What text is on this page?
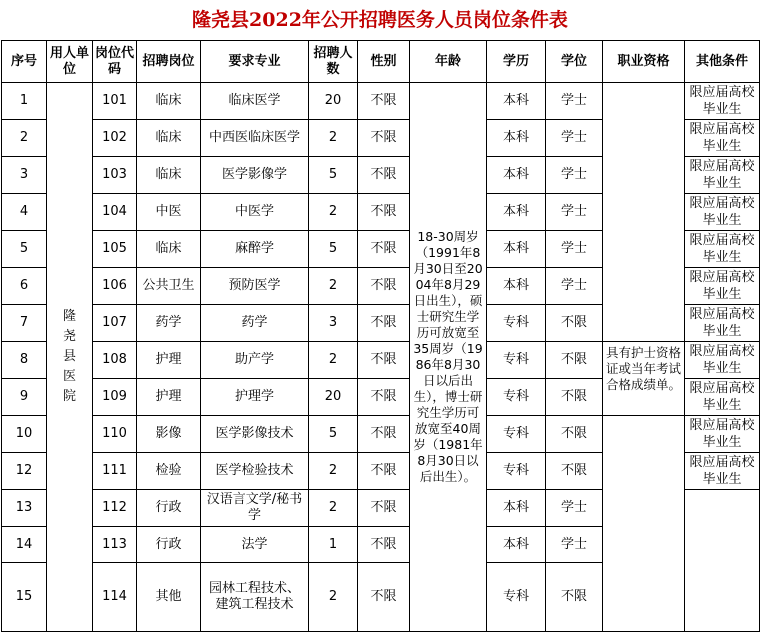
隆尧县2022年公开招聘医务人员岗位条件表
序号	用人单位	岗位代码	招聘岗位	要求专业	招聘人数	性别	年龄	学历	学位	职业资格	其他条件
1	隆尧县医院	101	临床	临床医学	20	不限	18-30周岁（1991年8月30日至2004年8月29日出生），硕士研究生学历可放宽至35周岁（1986年8月30日以后出生），博士研究生学历可放宽至40周岁（1981年8月30日以后出生）。	本科	学士		限应届高校毕业生
2		102	临床	中西医临床医学	2	不限		本科	学士		限应届高校毕业生
3		103	临床	医学影像学	5	不限		本科	学士		限应届高校毕业生
4		104	中医	中医学	2	不限		本科	学士		限应届高校毕业生
5		105	临床	麻醉学	5	不限		本科	学士		限应届高校毕业生
6		106	公共卫生	预防医学	2	不限		本科	学士		限应届高校毕业生
7		107	药学	药学	3	不限		专科	不限		限应届高校毕业生
8		108	护理	助产学	2	不限		专科	不限	具有护士资格证或当年考试合格成绩单。	限应届高校毕业生
9		109	护理	护理学	20	不限		专科	不限		限应届高校毕业生
10		110	影像	医学影像技术	5	不限		专科	不限		限应届高校毕业生
12		111	检验	医学检验技术	2	不限		专科	不限		限应届高校毕业生
13		112	行政	汉语言文学/秘书学	2	不限		本科	学士		
14		113	行政	法学	1	不限		本科	学士		
15		114	其他	园林工程技术、建筑工程技术	2	不限		专科	不限		
